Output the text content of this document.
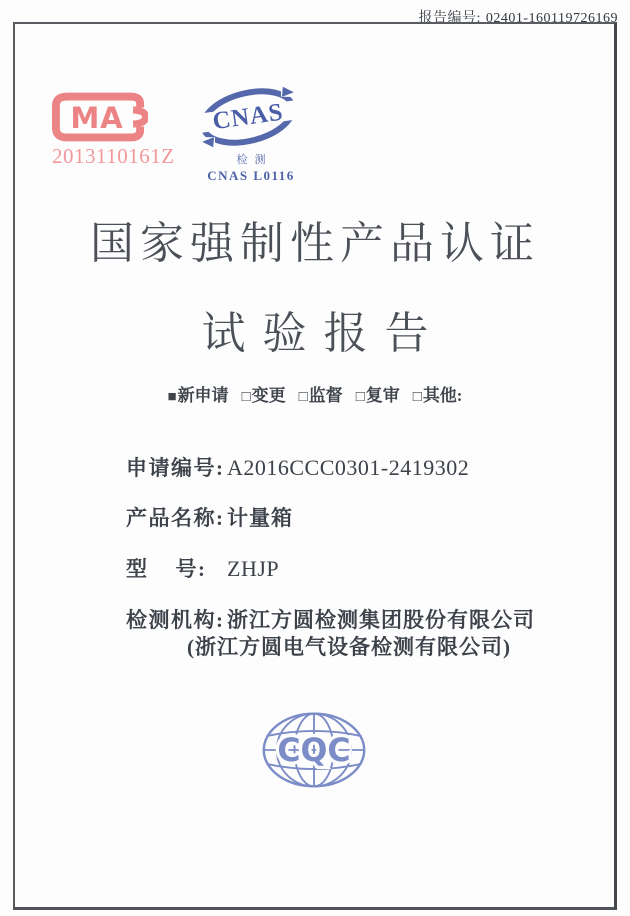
报告编号: 02401-160119726169
MA
2013110161Z
CNAS
检测
CNAS L0116
国家强制性产品认证
试验报告
■ 新申请 □ 变更 □ 监督 □ 复审 □ 其他:
申请编号: A2016CCC0301-2419302
产品名称: 计量箱
型    号: ZHJP
检测机构: 浙江方圆检测集团股份有限公司
(浙江方圆电气设备检测有限公司)
CQC
